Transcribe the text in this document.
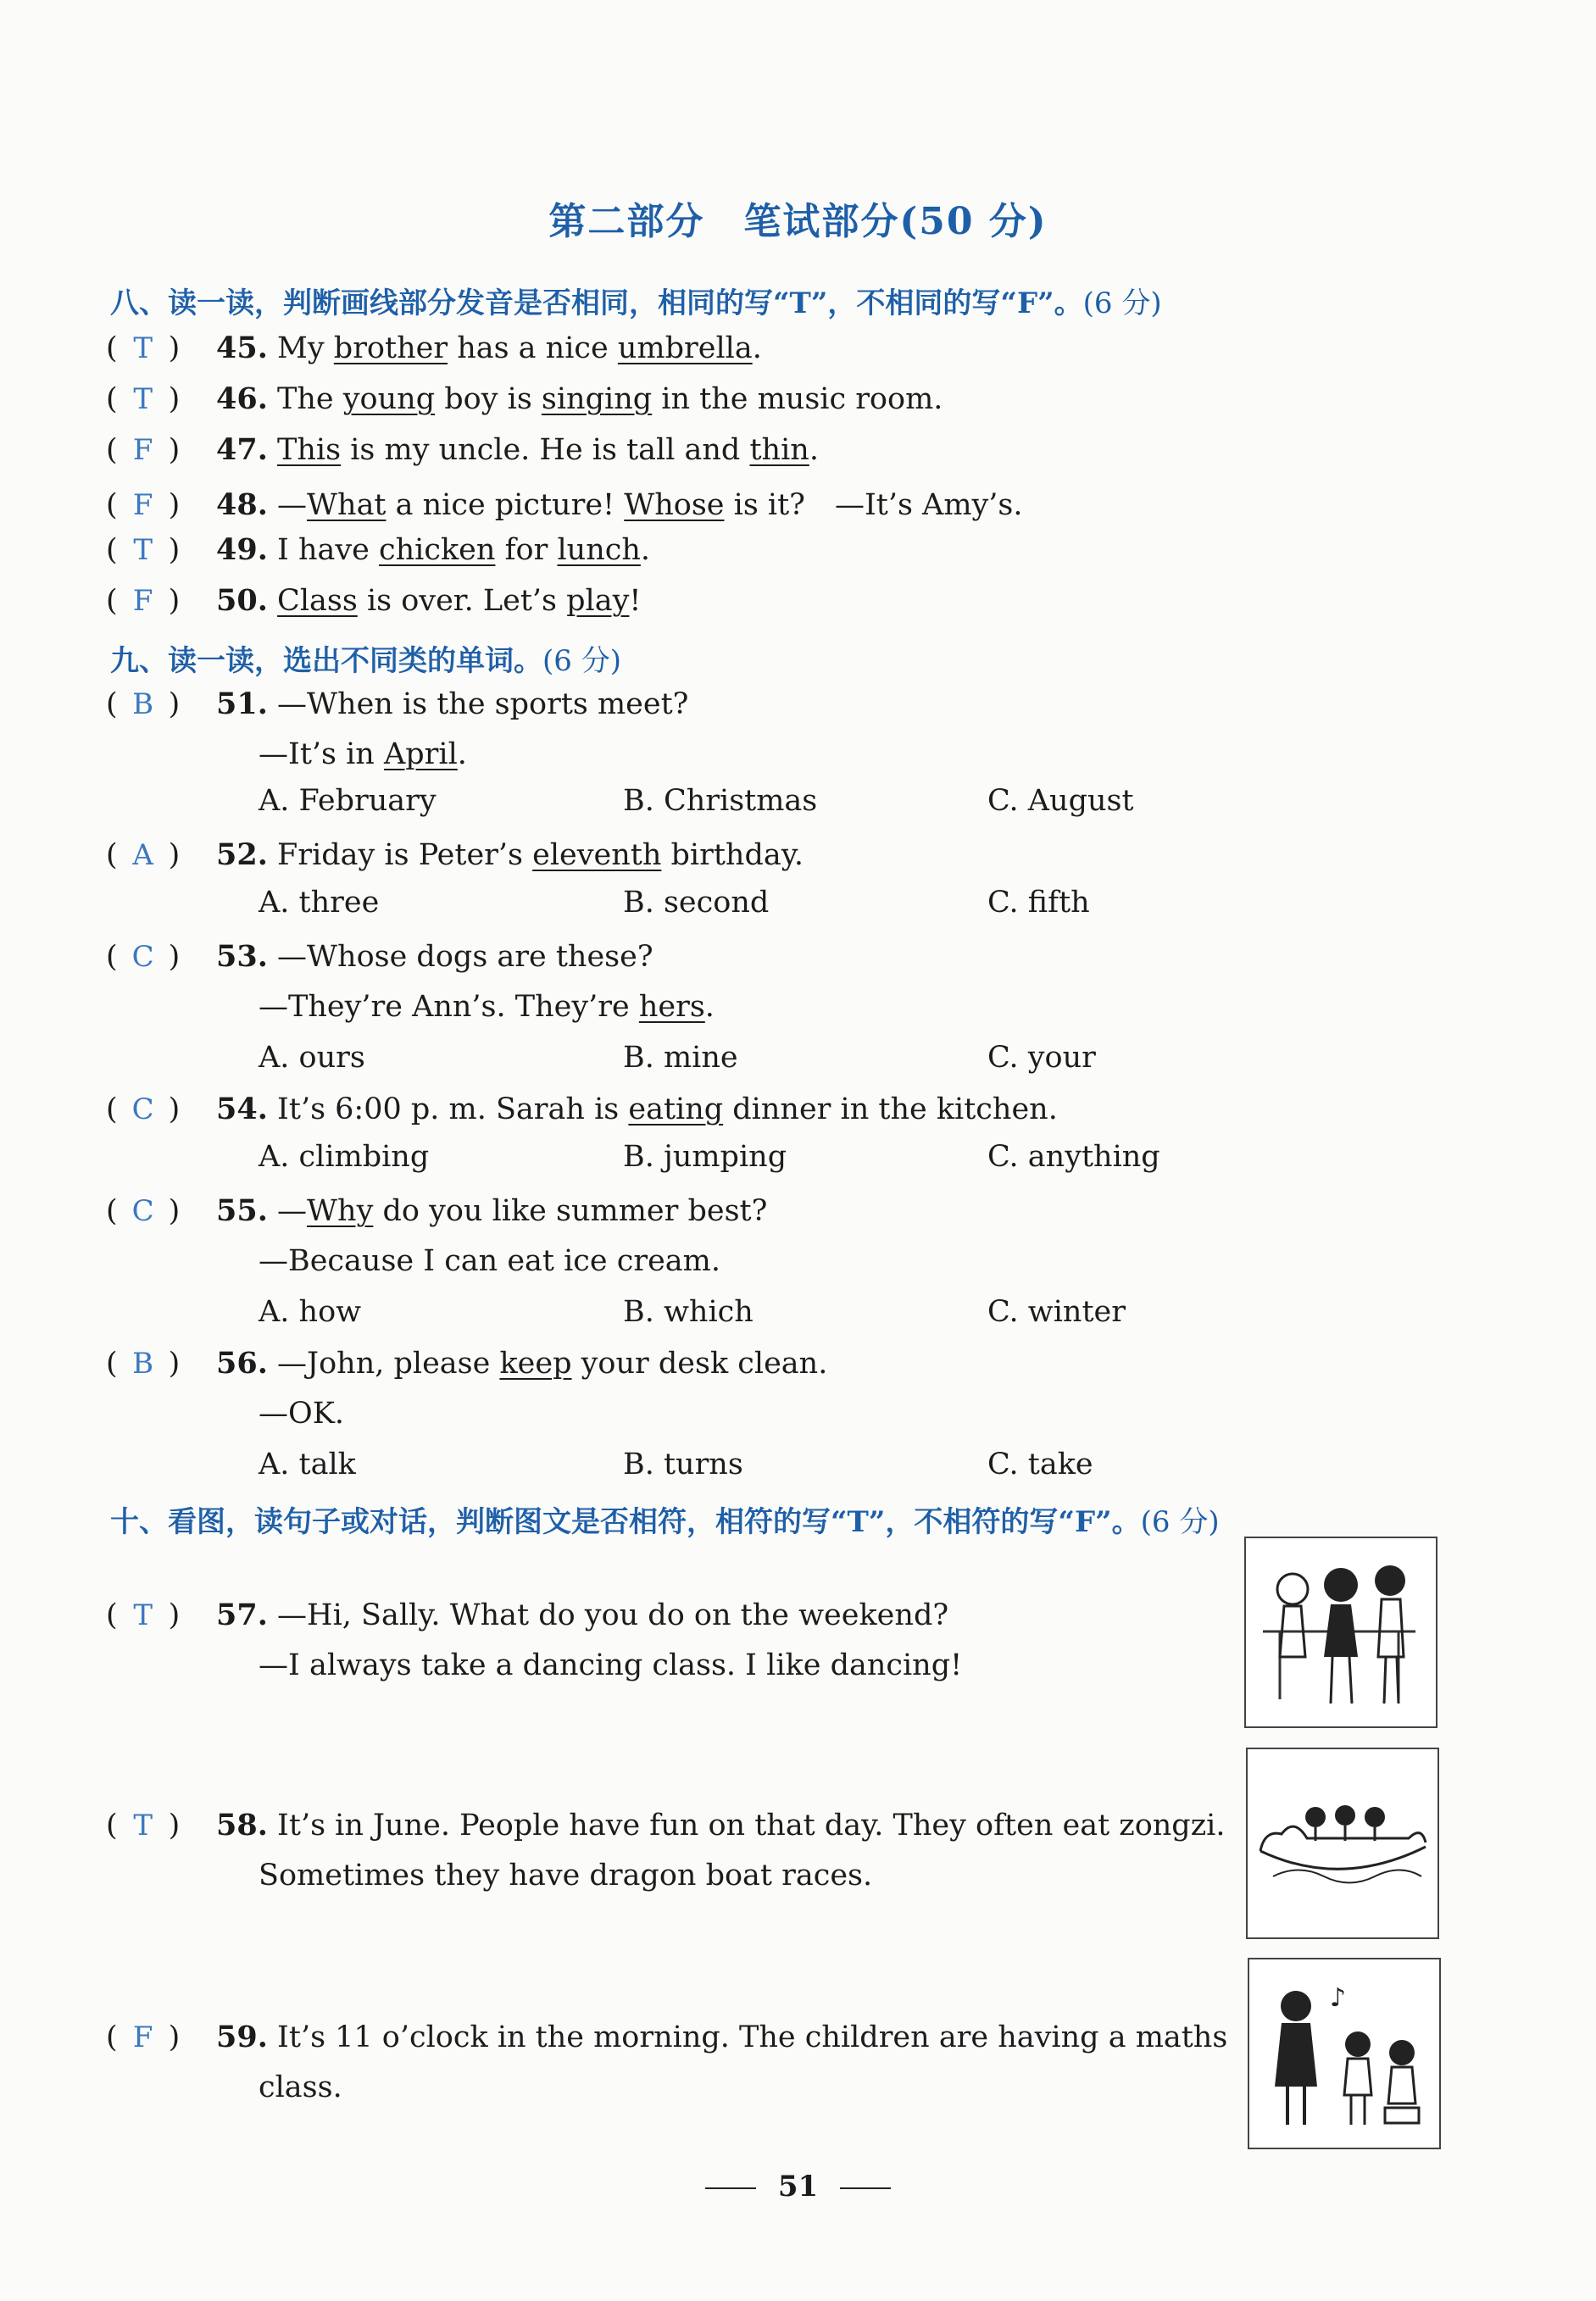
第二部分　笔试部分(50 分)
八、读一读，判断画线部分发音是否相同，相同的写“T”，不相同的写“F”。(6 分)
( T ) 45. My brother has a nice umbrella.
( T ) 46. The young boy is singing in the music room.
( F ) 47. This is my uncle. He is tall and thin.
( F ) 48. —What a nice picture! Whose is it?　—It’s Amy’s.
( T ) 49. I have chicken for lunch.
( F ) 50. Class is over. Let’s play!
九、读一读，选出不同类的单词。(6 分)
( B ) 51. —When is the sports meet?
—It’s in April.
A. February	B. Christmas	C. August
( A ) 52. Friday is Peter’s eleventh birthday.
A. three	B. second	C. fifth
( C ) 53. —Whose dogs are these?
—They’re Ann’s. They’re hers.
A. ours	B. mine	C. your
( C ) 54. It’s 6:00 p. m. Sarah is eating dinner in the kitchen.
A. climbing	B. jumping	C. anything
( C ) 55. —Why do you like summer best?
—Because I can eat ice cream.
A. how	B. which	C. winter
( B ) 56. —John, please keep your desk clean.
—OK.
A. talk	B. turns	C. take
十、看图，读句子或对话，判断图文是否相符，相符的写“T”，不相符的写“F”。(6 分)
( T ) 57. —Hi, Sally. What do you do on the weekend?
—I always take a dancing class. I like dancing!
( T ) 58. It’s in June. People have fun on that day. They often eat zongzi.
Sometimes they have dragon boat races.
( F ) 59. It’s 11 o’clock in the morning. The children are having a maths
class.
♪
51
